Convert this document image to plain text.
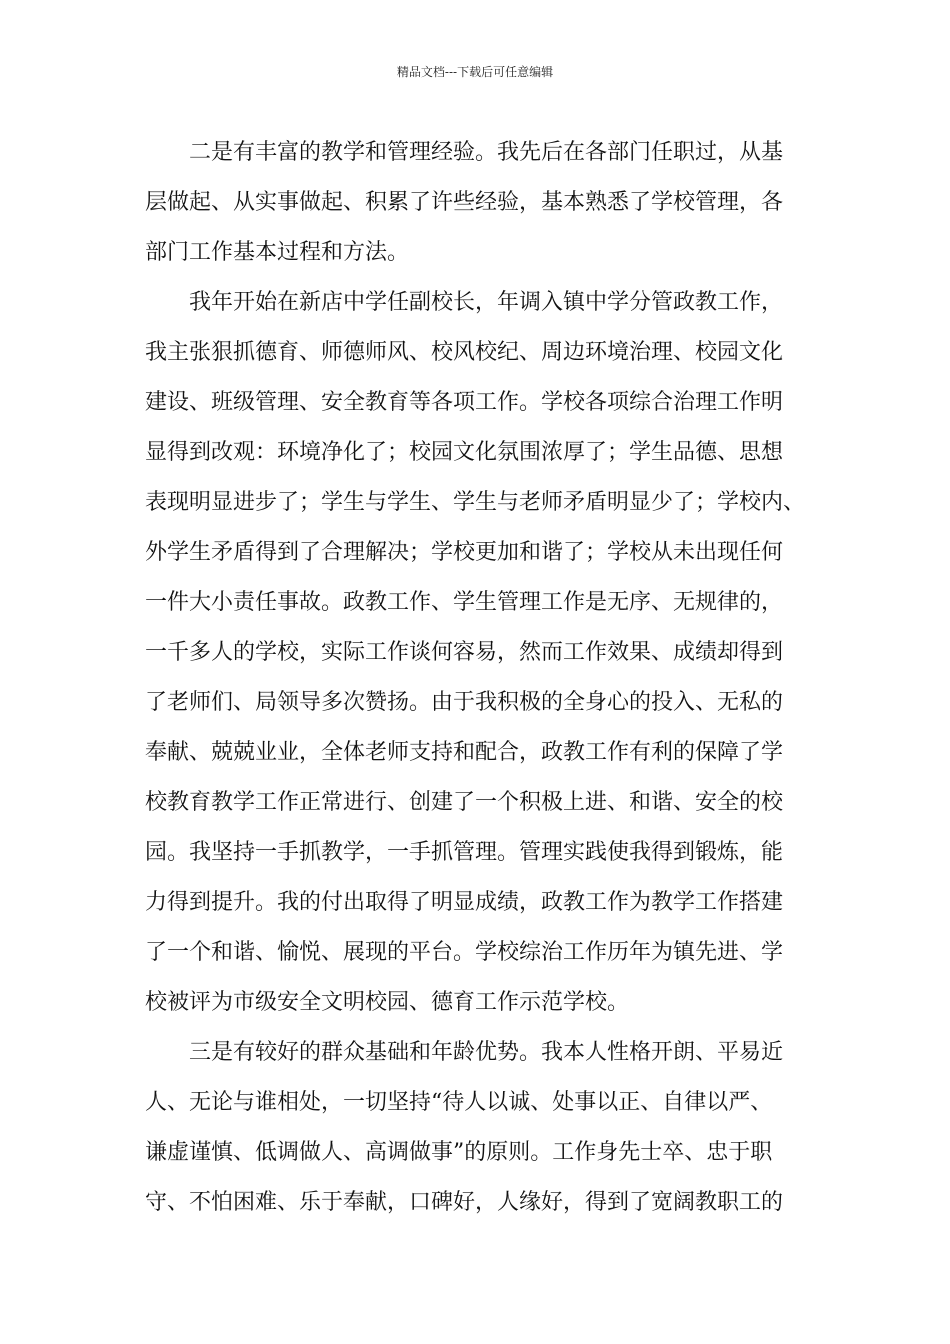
精品文档---下载后可任意编辑

二是有丰富的教学和管理经验。我先后在各部门任职过，从基
层做起、从实事做起、积累了许些经验，基本熟悉了学校管理，各
部门工作基本过程和方法。

我年开始在新店中学任副校长，年调入镇中学分管政教工作，
我主张狠抓德育、师德师风、校风校纪、周边环境治理、校园文化
建设、班级管理、安全教育等各项工作。学校各项综合治理工作明
显得到改观：环境净化了；校园文化氛围浓厚了；学生品德、思想
表现明显进步了；学生与学生、学生与老师矛盾明显少了；学校内、
外学生矛盾得到了合理解决；学校更加和谐了；学校从未出现任何
一件大小责任事故。政教工作、学生管理工作是无序、无规律的，
一千多人的学校，实际工作谈何容易，然而工作效果、成绩却得到
了老师们、局领导多次赞扬。由于我积极的全身心的投入、无私的
奉献、兢兢业业，全体老师支持和配合，政教工作有利的保障了学
校教育教学工作正常进行、创建了一个积极上进、和谐、安全的校
园。我坚持一手抓教学，一手抓管理。管理实践使我得到锻炼，能
力得到提升。我的付出取得了明显成绩，政教工作为教学工作搭建
了一个和谐、愉悦、展现的平台。学校综治工作历年为镇先进、学
校被评为市级安全文明校园、德育工作示范学校。

三是有较好的群众基础和年龄优势。我本人性格开朗、平易近
人、无论与谁相处，一切坚持“待人以诚、处事以正、自律以严、
谦虚谨慎、低调做人、高调做事”的原则。工作身先士卒、忠于职
守、不怕困难、乐于奉献，口碑好，人缘好，得到了宽阔教职工的
